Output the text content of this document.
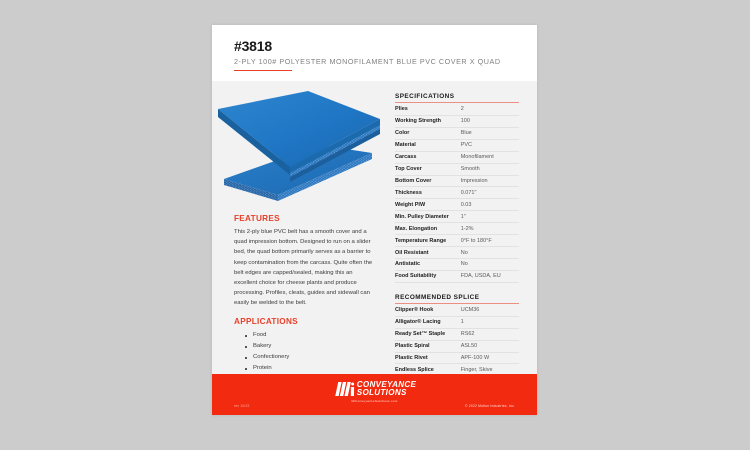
#3818
2-PLY 100# POLYESTER MONOFILAMENT BLUE PVC COVER X QUAD
FEATURES

This 2-ply blue PVC belt has a smooth cover and a quad impression bottom. Designed to run on a slider bed, the quad bottom primarily serves as a barrier to keep contamination from the carcass. Quite often the belt edges are capped/sealed, making this an excellent choice for cheese plants and produce processing. Profiles, cleats, guides and sidewall can easily be welded to the belt.

APPLICATIONS
Food
Bakery
Confectionery
Protein
SPECIFICATIONS
Plies	2
Working Strength	100
Color	Blue
Material	PVC
Carcass	Monofilament
Top Cover	Smooth
Bottom Cover	Impression
Thickness	0.071"
Weight PIW	0.03
Min. Pulley Diameter	1"
Max. Elongation	1-2%
Temperature Range	0°F to 180°F
Oil Resistant	No
Antistatic	No
Food Suitability	FDA, USDA, EU
RECOMMENDED SPLICE
Clipper® Hook	UCM36
Alligator® Lacing	1
Ready Set™ Staple	RS62
Plastic Spiral	ASL50
Plastic Rivet	APF-100 W
Endless Splice	Finger, Skive
CONVEYANCE
SOLUTIONS
MiConveyanceSolutions.com
rev 10/22	© 2022 Motion Industries, Inc.
